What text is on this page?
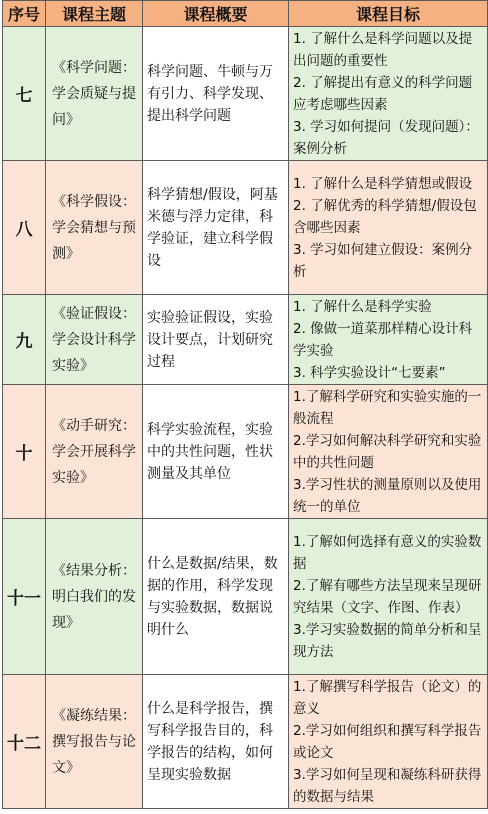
序号	课程主题	课程概要	课程目标
七	《科学问题：学会质疑与提问》	科学问题、牛顿与万有引力、科学发现、提出科学问题	1. 了解什么是科学问题以及提出问题的重要性
2. 了解提出有意义的科学问题应考虑哪些因素
3. 学习如何提问（发现问题）：案例分析

八	《科学假设：学会猜想与预测》	科学猜想/假设，阿基米德与浮力定律，科学验证，建立科学假设	1. 了解什么是科学猜想或假设
2. 了解优秀的科学猜想/假设包含哪些因素
3. 学习如何建立假设：案例分析

九	《验证假设：学会设计科学实验》	实验验证假设，实验设计要点，计划研究过程	1. 了解什么是科学实验
2. 像做一道菜那样精心设计科学实验
3. 科学实验设计“七要素”

十	《动手研究：学会开展科学实验》	科学实验流程，实验中的共性问题，性状测量及其单位	1.了解科学研究和实验实施的一般流程
2.学习如何解决科学研究和实验中的共性问题
3.学习性状的测量原则以及使用统一的单位

十一	《结果分析：明白我们的发现》	什么是数据/结果，数据的作用，科学发现与实验数据，数据说明什么	1.了解如何选择有意义的实验数据
2.了解有哪些方法呈现来呈现研究结果（文字、作图、作表）
3.学习实验数据的简单分析和呈现方法

十二	《凝练结果：撰写报告与论文》	什么是科学报告，撰写科学报告目的，科学报告的结构，如何呈现实验数据	1.了解撰写科学报告（论文）的意义
2.学习如何组织和撰写科学报告或论文
3.学习如何呈现和凝练科研获得的数据与结果
